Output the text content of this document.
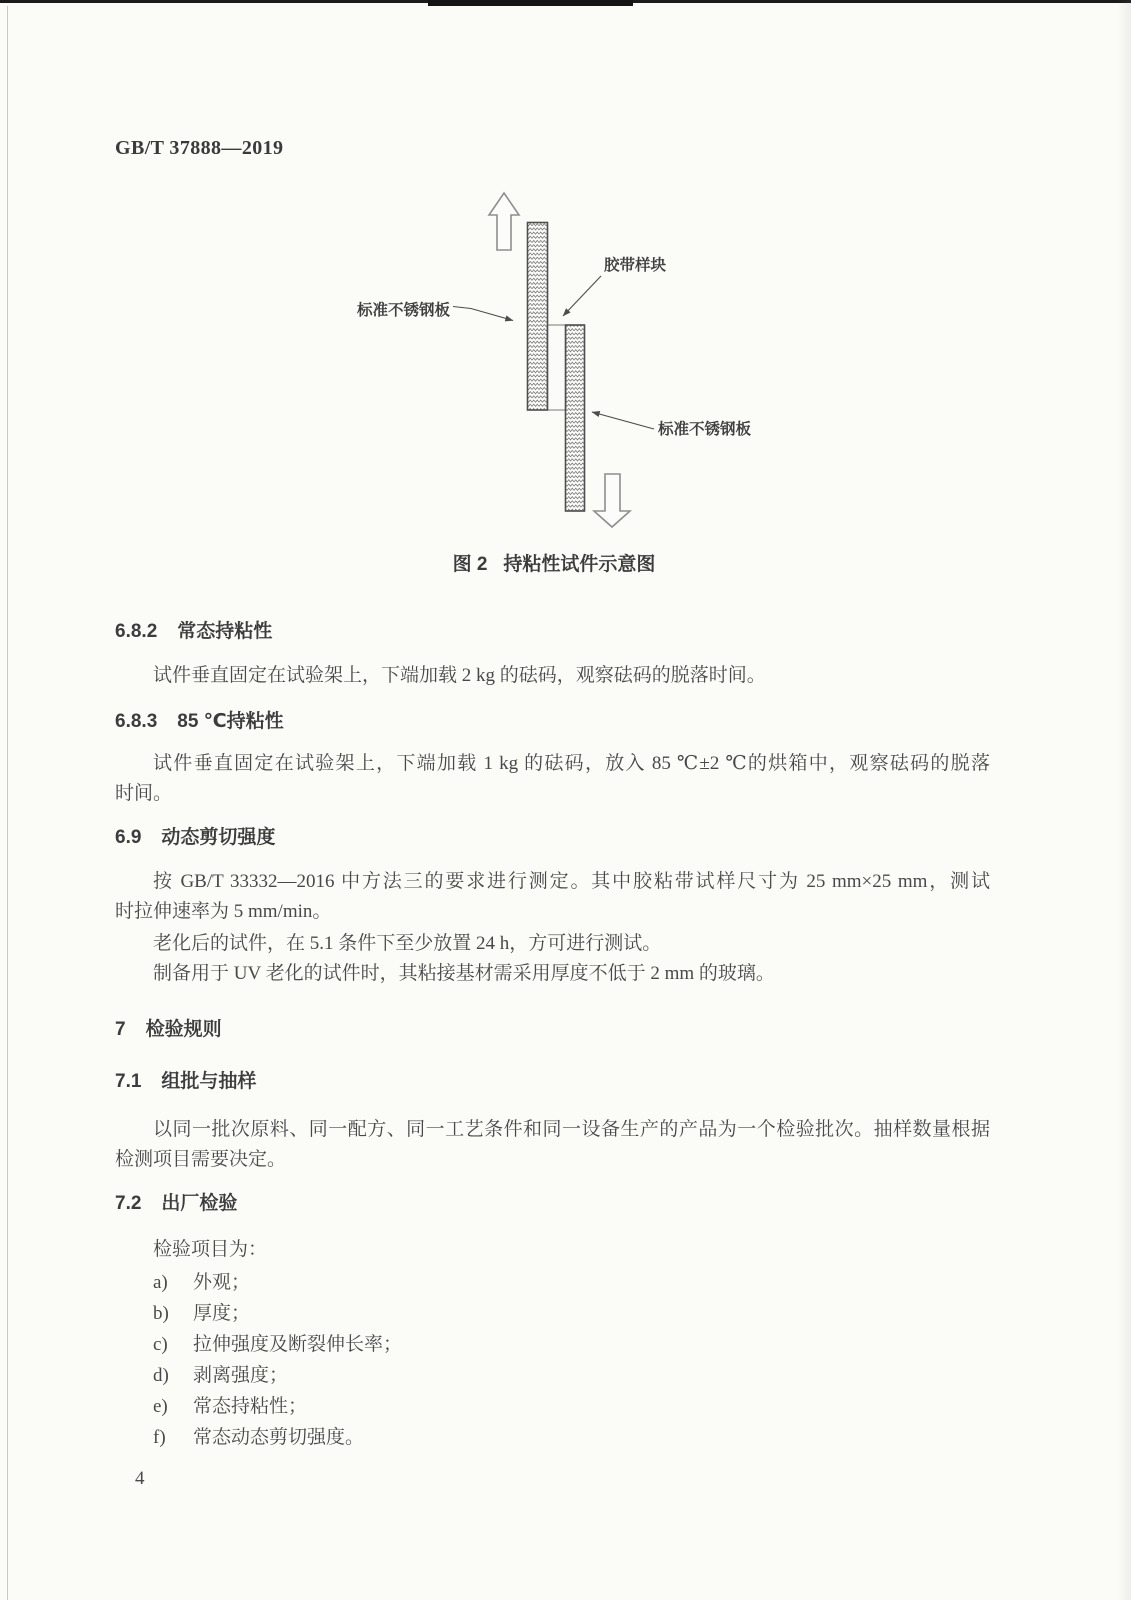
GB/T 37888—2019
标准不锈钢板
胶带样块
标准不锈钢板
图 2 持粘性试件示意图
6.8.2 常态持粘性
试件垂直固定在试验架上，下端加载 2 kg 的砝码，观察砝码的脱落时间。
6.8.3 85 ℃持粘性
试件垂直固定在试验架上，下端加载 1 kg 的砝码，放入 85 ℃±2 ℃的烘箱中，观察砝码的脱落
时间。
6.9 动态剪切强度
按 GB/T 33332—2016 中方法三的要求进行测定。其中胶粘带试样尺寸为 25 mm×25 mm，测试
时拉伸速率为 5 mm/min。
老化后的试件，在 5.1 条件下至少放置 24 h，方可进行测试。
制备用于 UV 老化的试件时，其粘接基材需采用厚度不低于 2 mm 的玻璃。
7 检验规则
7.1 组批与抽样
以同一批次原料、同一配方、同一工艺条件和同一设备生产的产品为一个检验批次。抽样数量根据
检测项目需要决定。
7.2 出厂检验
检验项目为：
a) 外观；
b) 厚度；
c) 拉伸强度及断裂伸长率；
d) 剥离强度；
e) 常态持粘性；
f) 常态动态剪切强度。
4
